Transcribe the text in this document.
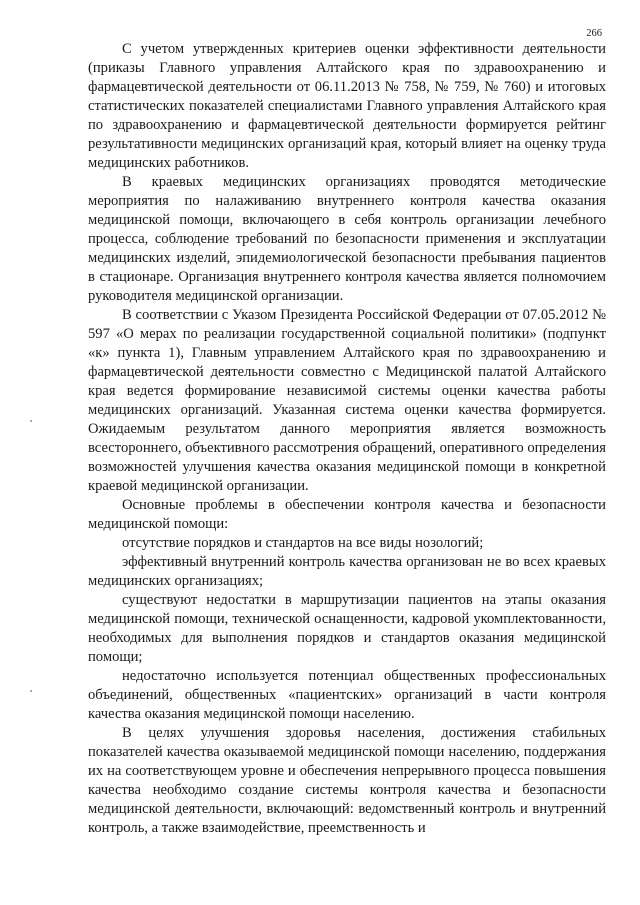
266

С учетом утвержденных критериев оценки эффективности деятельности (приказы Главного управления Алтайского края по здравоохранению и фармацевтической деятельности от 06.11.2013 № 758, № 759, № 760) и итоговых статистических показателей специалистами Главного управления Алтайского края по здравоохранению и фармацевтической деятельности формируется рейтинг результативности медицинских организаций края, который влияет на оценку труда медицинских работников.

В краевых медицинских организациях проводятся методические мероприятия по налаживанию внутреннего контроля качества оказания медицинской помощи, включающего в себя контроль организации лечебного процесса, соблюдение требований по безопасности применения и эксплуатации медицинских изделий, эпидемиологической безопасности пребывания пациентов в стационаре. Организация внутреннего контроля качества является полномочием руководителя медицинской организации.

В соответствии с Указом Президента Российской Федерации от 07.05.2012 № 597 «О мерах по реализации государственной социальной политики» (подпункт «к» пункта 1), Главным управлением Алтайского края по здравоохранению и фармацевтической деятельности совместно с Медицинской палатой Алтайского края ведется формирование независимой системы оценки качества работы медицинских организаций. Указанная система оценки качества формируется. Ожидаемым результатом данного мероприятия является возможность всестороннего, объективного рассмотрения обращений, оперативного определения возможностей улучшения качества оказания медицинской помощи в конкретной краевой медицинской организации.

Основные проблемы в обеспечении контроля качества и безопасности медицинской помощи:

отсутствие порядков и стандартов на все виды нозологий;

эффективный внутренний контроль качества организован не во всех краевых медицинских организациях;

существуют недостатки в маршрутизации пациентов на этапы оказания медицинской помощи, технической оснащенности, кадровой укомплектованности, необходимых для выполнения порядков и стандартов оказания медицинской помощи;

недостаточно используется потенциал общественных профессиональных объединений, общественных «пациентских» организаций в части контроля качества оказания медицинской помощи населению.

В целях улучшения здоровья населения, достижения стабильных показателей качества оказываемой медицинской помощи населению, поддержания их на соответствующем уровне и обеспечения непрерывного процесса повышения качества необходимо создание системы контроля качества и безопасности медицинской деятельности, включающий: ведомственный контроль и внутренний контроль, а также взаимодействие, преемственность и
